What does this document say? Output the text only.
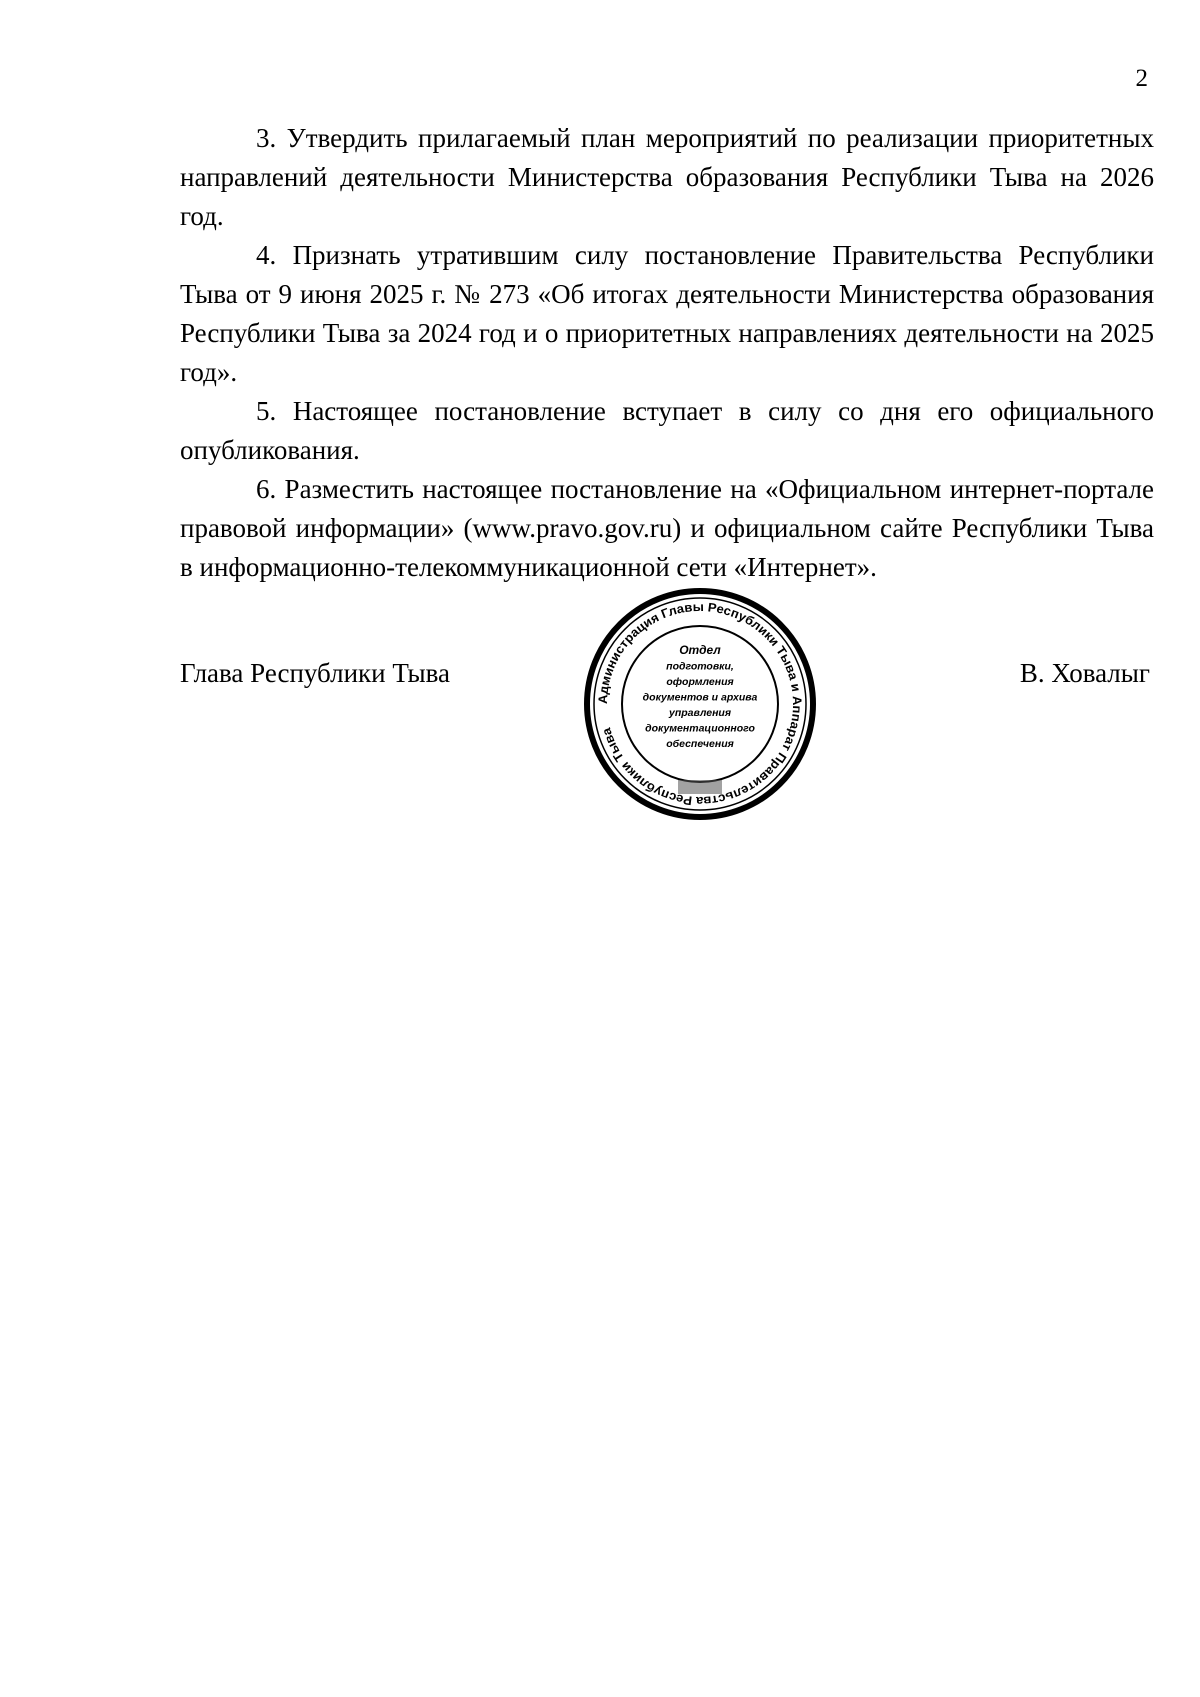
2

3. Утвердить прилагаемый план мероприятий по реализации приоритетных направлений деятельности Министерства образования Республики Тыва на 2026 год.

4. Признать утратившим силу постановление Правительства Республики Тыва от 9 июня 2025 г. № 273 «Об итогах деятельности Министерства образования Республики Тыва за 2024 год и о приоритетных направлениях деятельности на 2025 год».

5. Настоящее постановление вступает в силу со дня его официального опубликования.

6. Разместить настоящее постановление на «Официальном интернет-портале правовой информации» (www.pravo.gov.ru) и официальном сайте Республики Тыва в информационно-телекоммуникационной сети «Интернет».

Глава Республики Тыва	В. Ховалыг
Администрация Главы Республики Тыва и Аппарат Правительства Республики Тыва
Отдел
подготовки,
оформления
документов и архива
управления
документационного
обеспечения
